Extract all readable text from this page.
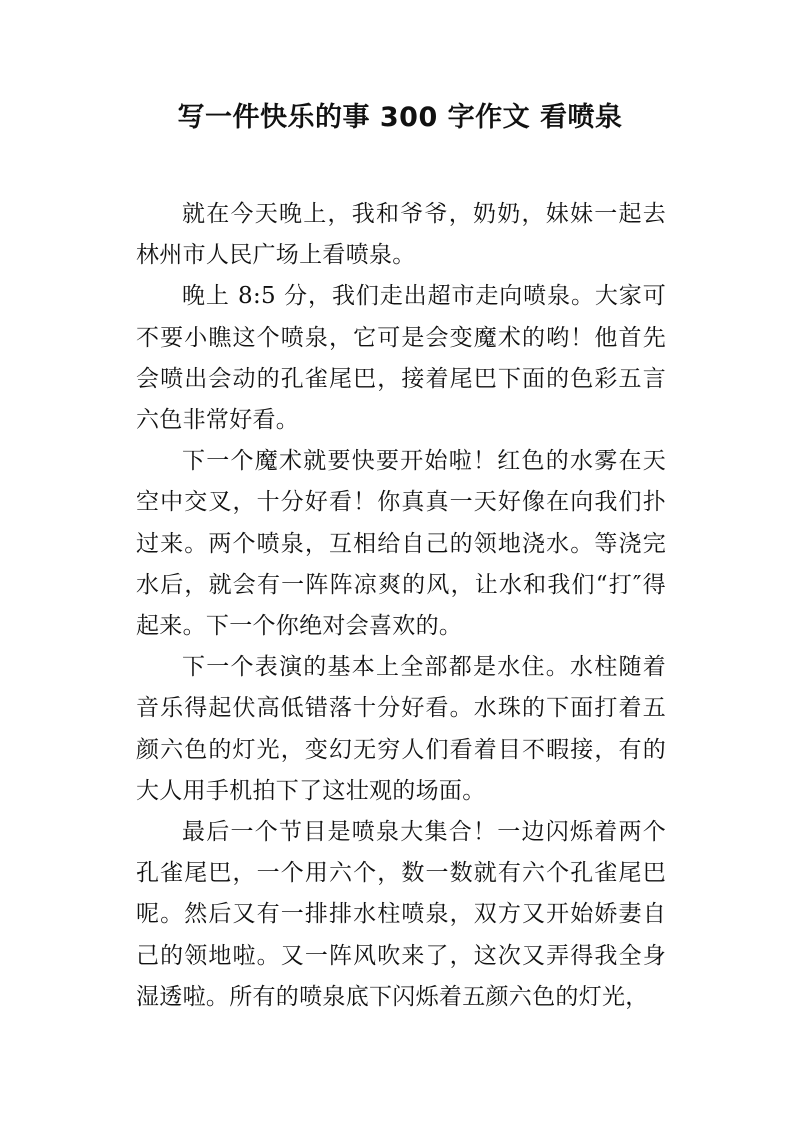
写一件快乐的事 300 字作文 看喷泉

就在今天晚上，我和爷爷，奶奶，妹妹一起去林州市人民广场上看喷泉。

晚上 8:5 分，我们走出超市走向喷泉。大家可不要小瞧这个喷泉，它可是会变魔术的哟！他首先会喷出会动的孔雀尾巴，接着尾巴下面的色彩五言六色非常好看。

下一个魔术就要快要开始啦！红色的水雾在天空中交叉，十分好看！你真真一天好像在向我们扑过来。两个喷泉，互相给自己的领地浇水。等浇完水后，就会有一阵阵凉爽的风，让水和我们“打″得起来。下一个你绝对会喜欢的。

下一个表演的基本上全部都是水住。水柱随着音乐得起伏高低错落十分好看。水珠的下面打着五颜六色的灯光，变幻无穷人们看着目不暇接，有的大人用手机拍下了这壮观的场面。

最后一个节目是喷泉大集合！一边闪烁着两个孔雀尾巴，一个用六个，数一数就有六个孔雀尾巴呢。然后又有一排排水柱喷泉，双方又开始娇妻自己的领地啦。又一阵风吹来了，这次又弄得我全身湿透啦。所有的喷泉底下闪烁着五颜六色的灯光，
